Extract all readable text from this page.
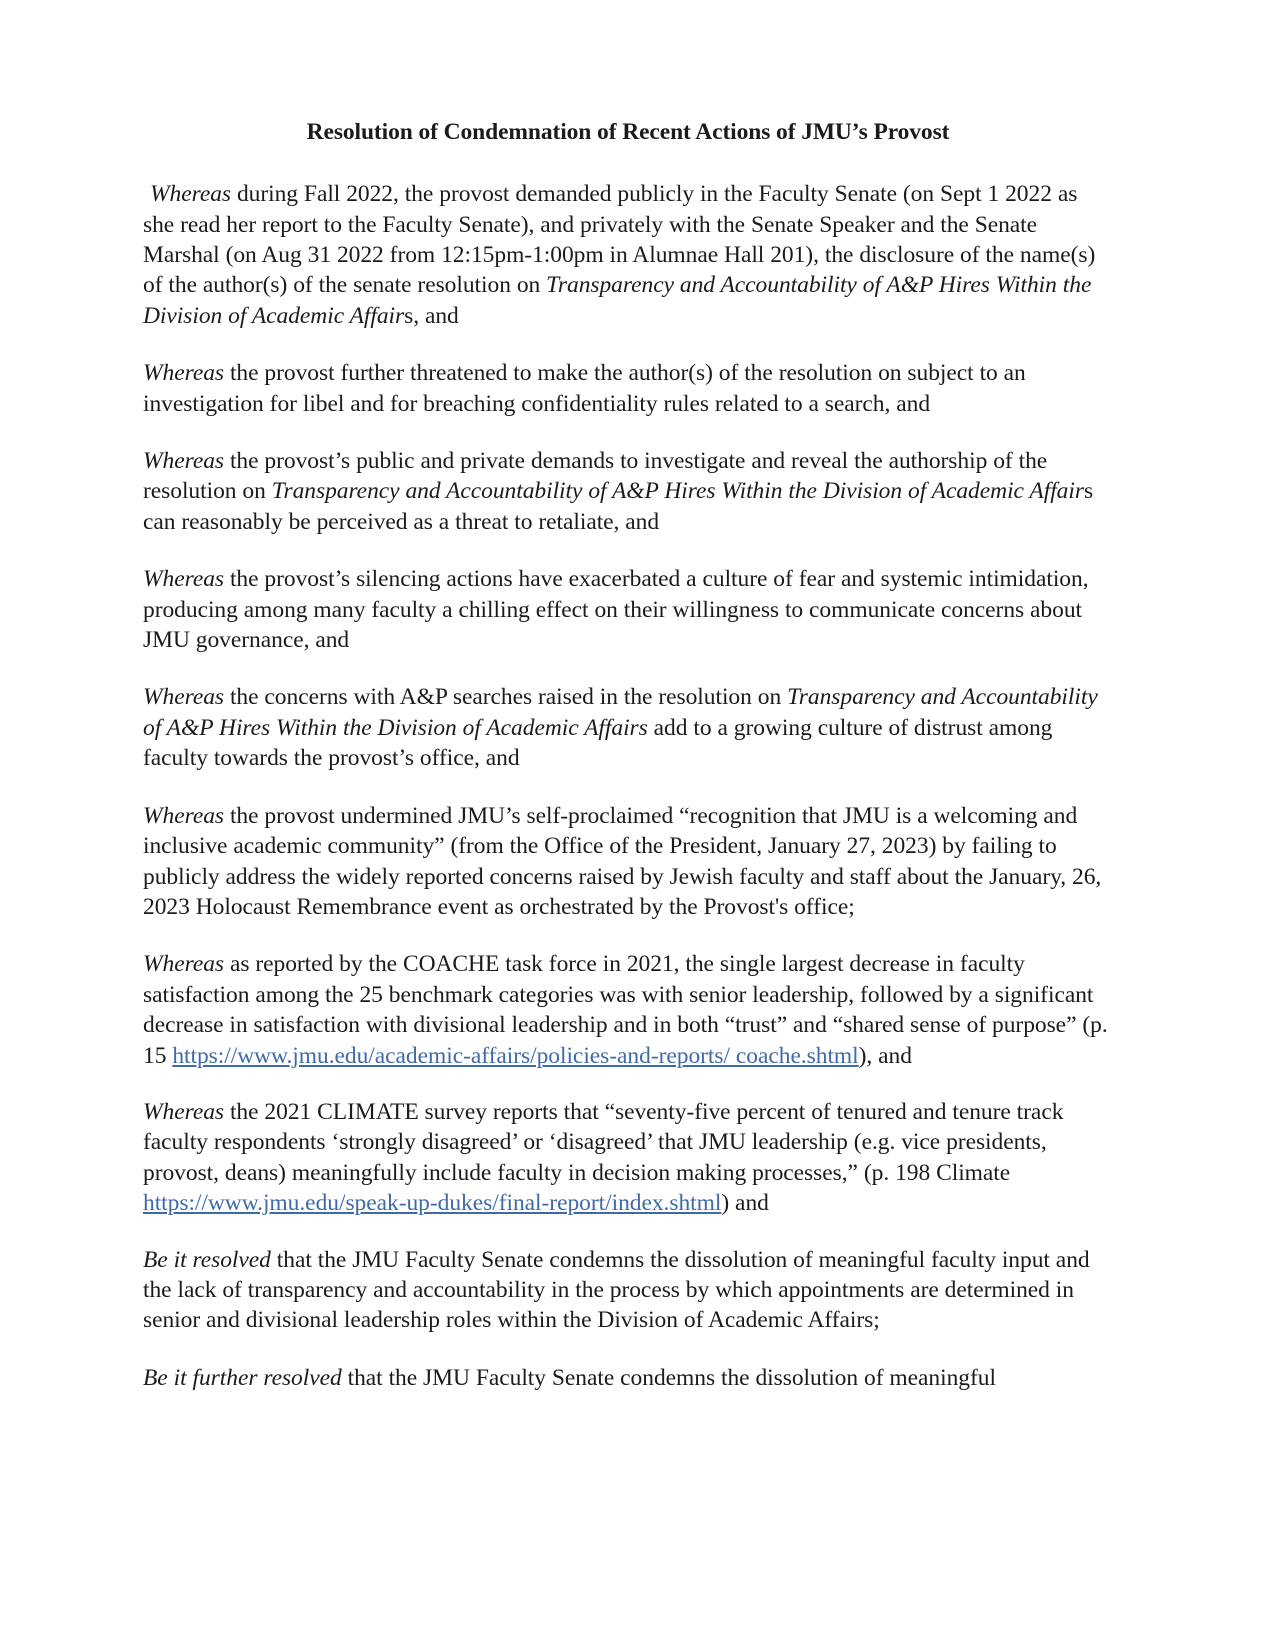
Resolution of Condemnation of Recent Actions of JMU’s Provost

Whereas during Fall 2022, the provost demanded publicly in the Faculty Senate (on Sept 1 2022 as she read her report to the Faculty Senate), and privately with the Senate Speaker and the Senate Marshal (on Aug 31 2022 from 12:15pm-1:00pm in Alumnae Hall 201), the disclosure of the name(s) of the author(s) of the senate resolution on Transparency and Accountability of A&P Hires Within the Division of Academic Affairs, and

Whereas the provost further threatened to make the author(s) of the resolution on subject to an investigation for libel and for breaching confidentiality rules related to a search, and

Whereas the provost’s public and private demands to investigate and reveal the authorship of the resolution on Transparency and Accountability of A&P Hires Within the Division of Academic Affairs can reasonably be perceived as a threat to retaliate, and

Whereas the provost’s silencing actions have exacerbated a culture of fear and systemic intimidation, producing among many faculty a chilling effect on their willingness to communicate concerns about JMU governance, and

Whereas the concerns with A&P searches raised in the resolution on Transparency and Accountability of A&P Hires Within the Division of Academic Affairs add to a growing culture of distrust among faculty towards the provost’s office, and

Whereas the provost undermined JMU’s self-proclaimed “recognition that JMU is a welcoming and inclusive academic community” (from the Office of the President, January 27, 2023) by failing to publicly address the widely reported concerns raised by Jewish faculty and staff about the January, 26, 2023 Holocaust Remembrance event as orchestrated by the Provost's office;

Whereas as reported by the COACHE task force in 2021, the single largest decrease in faculty satisfaction among the 25 benchmark categories was with senior leadership, followed by a significant decrease in satisfaction with divisional leadership and in both “trust” and “shared sense of purpose” (p. 15 https://www.jmu.edu/academic-affairs/policies-and-reports/ coache.shtml), and

Whereas the 2021 CLIMATE survey reports that “seventy-five percent of tenured and tenure track faculty respondents ‘strongly disagreed’ or ‘disagreed’ that JMU leadership (e.g. vice presidents, provost, deans) meaningfully include faculty in decision making processes,” (p. 198 Climate https://www.jmu.edu/speak-up-dukes/final-report/index.shtml) and

Be it resolved that the JMU Faculty Senate condemns the dissolution of meaningful faculty input and the lack of transparency and accountability in the process by which appointments are determined in senior and divisional leadership roles within the Division of Academic Affairs;

Be it further resolved that the JMU Faculty Senate condemns the dissolution of meaningful
